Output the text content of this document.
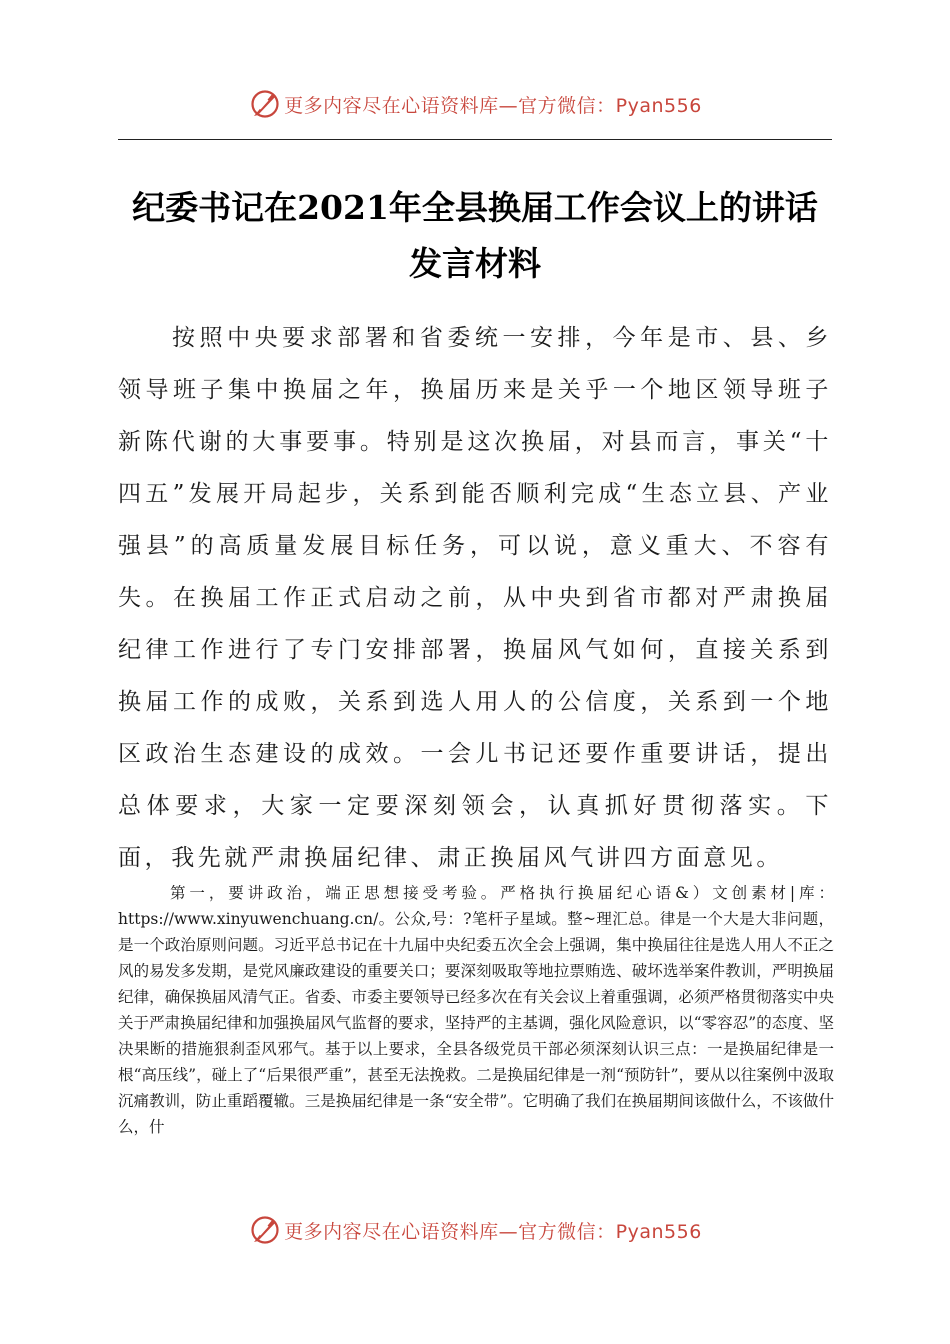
更多内容尽在心语资料库—官方微信：Pyan556
纪委书记在2021年全县换届工作会议上的讲话发言材料

按照中央要求部署和省委统一安排，今年是市、县、乡领导班子集中换届之年，换届历来是关乎一个地区领导班子新陈代谢的大事要事。特别是这次换届，对县而言，事关“十四五”发展开局起步，关系到能否顺利完成“生态立县、产业强县”的高质量发展目标任务，可以说，意义重大、不容有失。在换届工作正式启动之前，从中央到省市都对严肃换届纪律工作进行了专门安排部署，换届风气如何，直接关系到换届工作的成败，关系到选人用人的公信度，关系到一个地区政治生态建设的成效。一会儿书记还要作重要讲话，提出总体要求，大家一定要深刻领会，认真抓好贯彻落实。下面，我先就严肃换届纪律、肃正换届风气讲四方面意见。

第一，要讲政治，端正思想接受考验。严格执行换届纪心语&）文创素材|库：https://www.xinyuwenchuang.cn/。公众,号：?笔杆子星域。整~理汇总。律是一个大是大非问题，是一个政治原则问题。习近平总书记在十九届中央纪委五次全会上强调，集中换届往往是选人用人不正之风的易发多发期，是党风廉政建设的重要关口；要深刻吸取等地拉票贿选、破坏选举案件教训，严明换届纪律，确保换届风清气正。省委、市委主要领导已经多次在有关会议上着重强调，必须严格贯彻落实中央关于严肃换届纪律和加强换届风气监督的要求，坚持严的主基调，强化风险意识，以“零容忍”的态度、坚决果断的措施狠刹歪风邪气。基于以上要求，全县各级党员干部必须深刻认识三点：一是换届纪律是一根“高压线”，碰上了“后果很严重”，甚至无法挽救。二是换届纪律是一剂“预防针”，要从以往案例中汲取沉痛教训，防止重蹈覆辙。三是换届纪律是一条“安全带”。它明确了我们在换届期间该做什么，不该做什么，什

更多内容尽在心语资料库—官方微信：Pyan556
